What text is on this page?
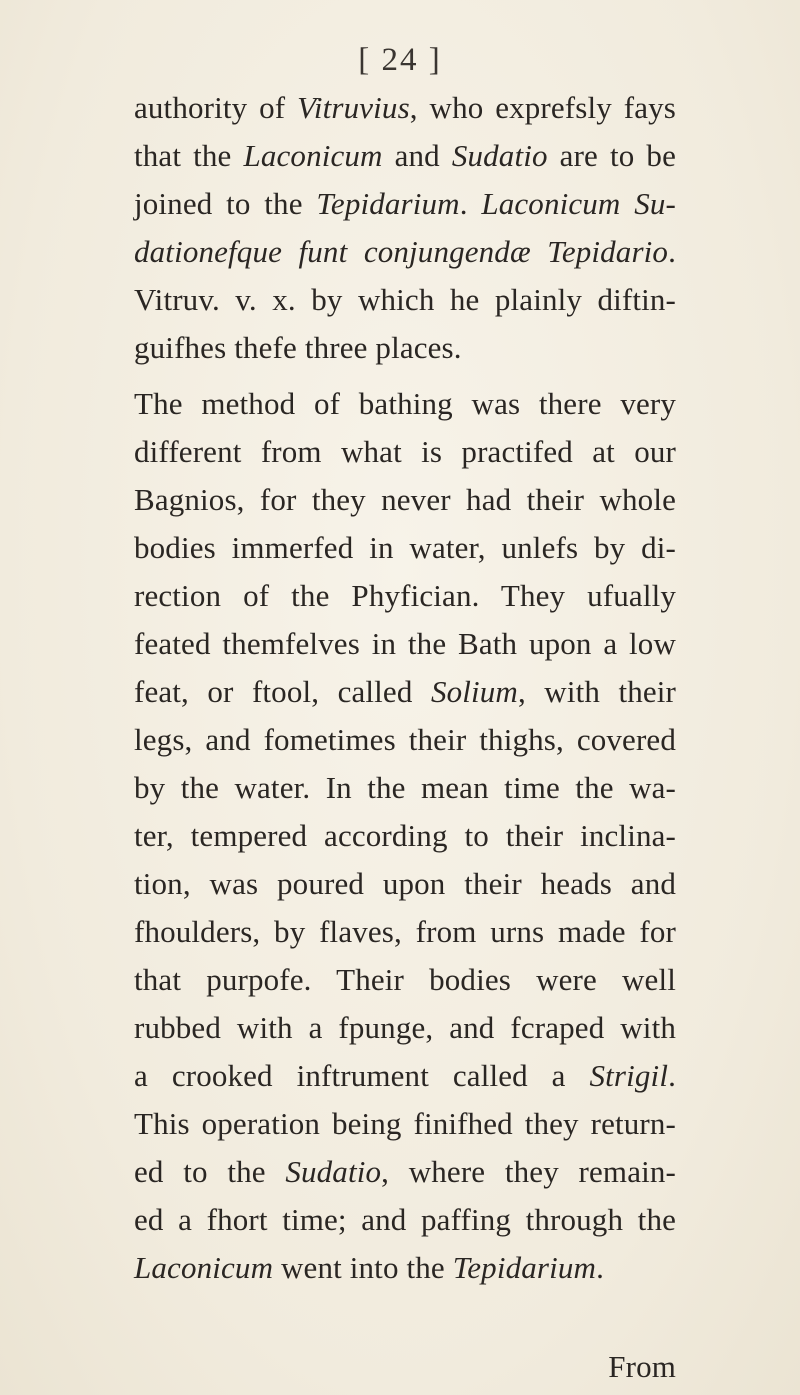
[ 24 ]
authority of Vitruvius, who exprefsly fays
that the Laconicum and Sudatio are to be
joined to the Tepidarium. Laconicum Su-
dationefque funt conjungendæ Tepidario.
Vitruv. v. x. by which he plainly diftin-
guifhes thefe three places.
The method of bathing was there very
different from what is practifed at our
Bagnios, for they never had their whole
bodies immerfed in water, unlefs by di-
rection of the Phyfician. They ufually
feated themfelves in the Bath upon a low
feat, or ftool, called Solium, with their
legs, and fometimes their thighs, covered
by the water. In the mean time the wa-
ter, tempered according to their inclina-
tion, was poured upon their heads and
fhoulders, by flaves, from urns made for
that purpofe. Their bodies were well
rubbed with a fpunge, and fcraped with
a crooked inftrument called a Strigil.
This operation being finifhed they return-
ed to the Sudatio, where they remain-
ed a fhort time; and paffing through the
Laconicum went into the Tepidarium.
From
